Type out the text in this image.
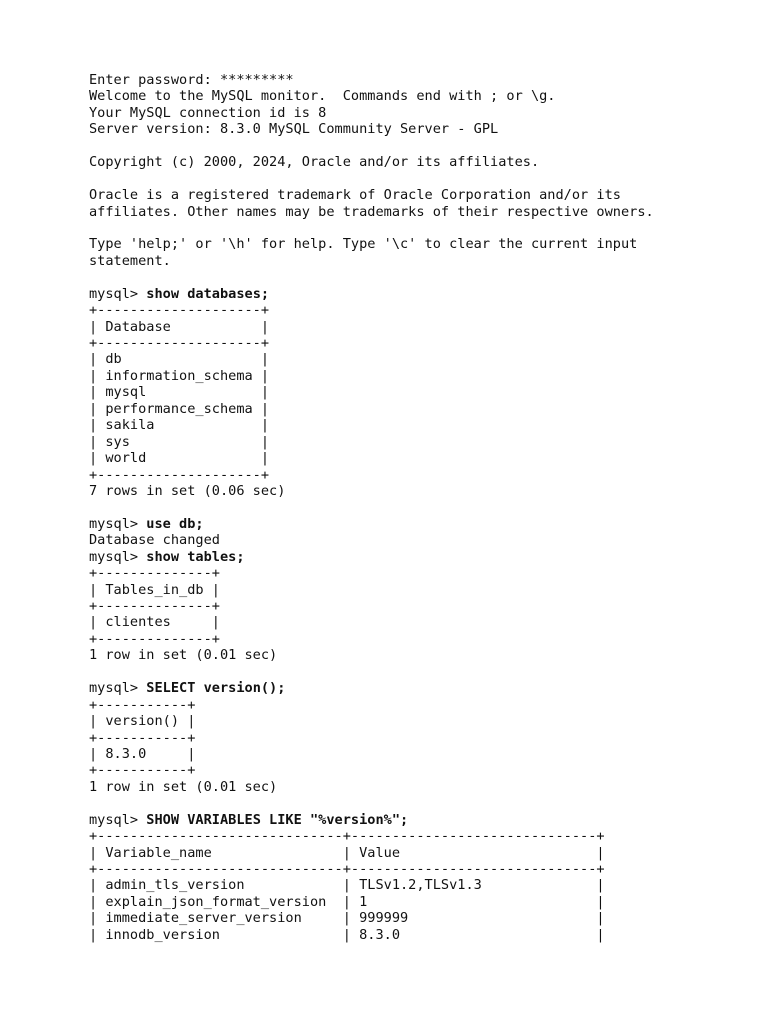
Enter password: *********
Welcome to the MySQL monitor.  Commands end with ; or \g.
Your MySQL connection id is 8
Server version: 8.3.0 MySQL Community Server - GPL
Copyright (c) 2000, 2024, Oracle and/or its affiliates.
Oracle is a registered trademark of Oracle Corporation and/or its
affiliates. Other names may be trademarks of their respective owners.
Type 'help;' or '\h' for help. Type '\c' to clear the current input
statement.
mysql> show databases;
+--------------------+
| Database           |
+--------------------+
| db                 |
| information_schema |
| mysql              |
| performance_schema |
| sakila             |
| sys                |
| world              |
+--------------------+
7 rows in set (0.06 sec)
mysql> use db;
Database changed
mysql> show tables;
+--------------+
| Tables_in_db |
+--------------+
| clientes     |
+--------------+
1 row in set (0.01 sec)
mysql> SELECT version();
+-----------+
| version() |
+-----------+
| 8.3.0     |
+-----------+
1 row in set (0.01 sec)
mysql> SHOW VARIABLES LIKE "%version%";
+------------------------------+------------------------------+
| Variable_name                | Value                        |
+------------------------------+------------------------------+
| admin_tls_version            | TLSv1.2,TLSv1.3              |
| explain_json_format_version  | 1                            |
| immediate_server_version     | 999999                       |
| innodb_version               | 8.3.0                        |
